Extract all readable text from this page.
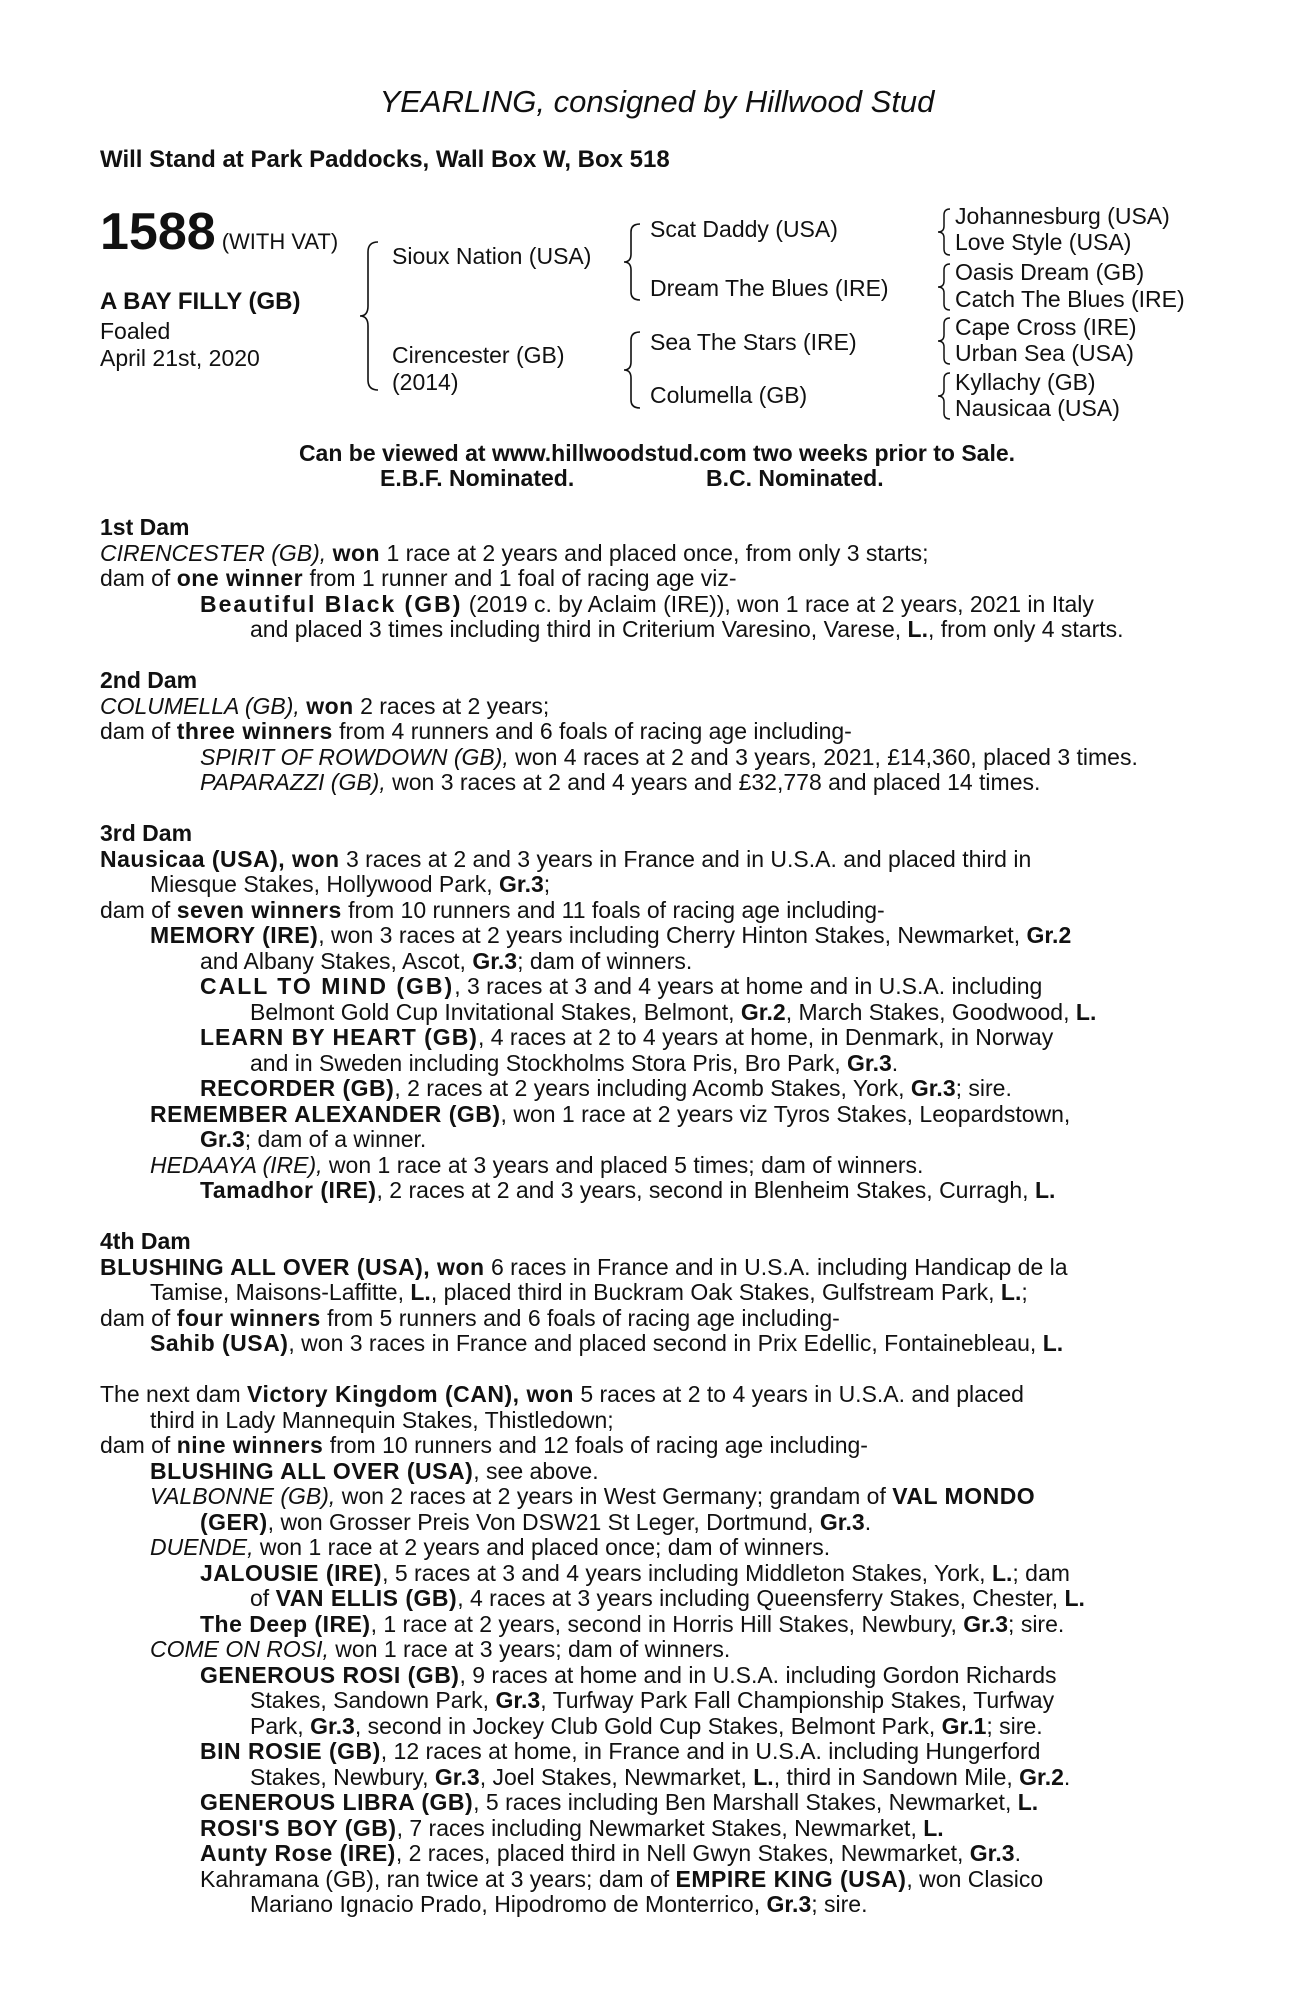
YEARLING, consigned by Hillwood Stud
Will Stand at Park Paddocks, Wall Box W, Box 518
1588 (WITH VAT)
A BAY FILLY (GB)
Foaled
April 21st, 2020
Sioux Nation (USA)
Cirencester (GB)
(2014)
Scat Daddy (USA)
Dream The Blues (IRE)
Sea The Stars (IRE)
Columella (GB)
Johannesburg (USA)
Love Style (USA)
Oasis Dream (GB)
Catch The Blues (IRE)
Cape Cross (IRE)
Urban Sea (USA)
Kyllachy (GB)
Nausicaa (USA)
Can be viewed at www.hillwoodstud.com two weeks prior to Sale.
E.B.F. Nominated.	B.C. Nominated.
1st Dam
CIRENCESTER (GB), won 1 race at 2 years and placed once, from only 3 starts;
dam of one winner from 1 runner and 1 foal of racing age viz-
Beautiful Black (GB) (2019 c. by Aclaim (IRE)), won 1 race at 2 years, 2021 in Italy
and placed 3 times including third in Criterium Varesino, Varese, L., from only 4 starts.
2nd Dam
COLUMELLA (GB), won 2 races at 2 years;
dam of three winners from 4 runners and 6 foals of racing age including-
SPIRIT OF ROWDOWN (GB), won 4 races at 2 and 3 years, 2021, £14,360, placed 3 times.
PAPARAZZI (GB), won 3 races at 2 and 4 years and £32,778 and placed 14 times.
3rd Dam
Nausicaa (USA), won 3 races at 2 and 3 years in France and in U.S.A. and placed third in
Miesque Stakes, Hollywood Park, Gr.3;
dam of seven winners from 10 runners and 11 foals of racing age including-
MEMORY (IRE), won 3 races at 2 years including Cherry Hinton Stakes, Newmarket, Gr.2
and Albany Stakes, Ascot, Gr.3; dam of winners.
CALL TO MIND (GB), 3 races at 3 and 4 years at home and in U.S.A. including
Belmont Gold Cup Invitational Stakes, Belmont, Gr.2, March Stakes, Goodwood, L.
LEARN BY HEART (GB), 4 races at 2 to 4 years at home, in Denmark, in Norway
and in Sweden including Stockholms Stora Pris, Bro Park, Gr.3.
RECORDER (GB), 2 races at 2 years including Acomb Stakes, York, Gr.3; sire.
REMEMBER ALEXANDER (GB), won 1 race at 2 years viz Tyros Stakes, Leopardstown,
Gr.3; dam of a winner.
HEDAAYA (IRE), won 1 race at 3 years and placed 5 times; dam of winners.
Tamadhor (IRE), 2 races at 2 and 3 years, second in Blenheim Stakes, Curragh, L.
4th Dam
BLUSHING ALL OVER (USA), won 6 races in France and in U.S.A. including Handicap de la
Tamise, Maisons-Laffitte, L., placed third in Buckram Oak Stakes, Gulfstream Park, L.;
dam of four winners from 5 runners and 6 foals of racing age including-
Sahib (USA), won 3 races in France and placed second in Prix Edellic, Fontainebleau, L.
The next dam Victory Kingdom (CAN), won 5 races at 2 to 4 years in U.S.A. and placed
third in Lady Mannequin Stakes, Thistledown;
dam of nine winners from 10 runners and 12 foals of racing age including-
BLUSHING ALL OVER (USA), see above.
VALBONNE (GB), won 2 races at 2 years in West Germany; grandam of VAL MONDO
(GER), won Grosser Preis Von DSW21 St Leger, Dortmund, Gr.3.
DUENDE, won 1 race at 2 years and placed once; dam of winners.
JALOUSIE (IRE), 5 races at 3 and 4 years including Middleton Stakes, York, L.; dam
of VAN ELLIS (GB), 4 races at 3 years including Queensferry Stakes, Chester, L.
The Deep (IRE), 1 race at 2 years, second in Horris Hill Stakes, Newbury, Gr.3; sire.
COME ON ROSI, won 1 race at 3 years; dam of winners.
GENEROUS ROSI (GB), 9 races at home and in U.S.A. including Gordon Richards
Stakes, Sandown Park, Gr.3, Turfway Park Fall Championship Stakes, Turfway
Park, Gr.3, second in Jockey Club Gold Cup Stakes, Belmont Park, Gr.1; sire.
BIN ROSIE (GB), 12 races at home, in France and in U.S.A. including Hungerford
Stakes, Newbury, Gr.3, Joel Stakes, Newmarket, L., third in Sandown Mile, Gr.2.
GENEROUS LIBRA (GB), 5 races including Ben Marshall Stakes, Newmarket, L.
ROSI'S BOY (GB), 7 races including Newmarket Stakes, Newmarket, L.
Aunty Rose (IRE), 2 races, placed third in Nell Gwyn Stakes, Newmarket, Gr.3.
Kahramana (GB), ran twice at 3 years; dam of EMPIRE KING (USA), won Clasico
Mariano Ignacio Prado, Hipodromo de Monterrico, Gr.3; sire.
